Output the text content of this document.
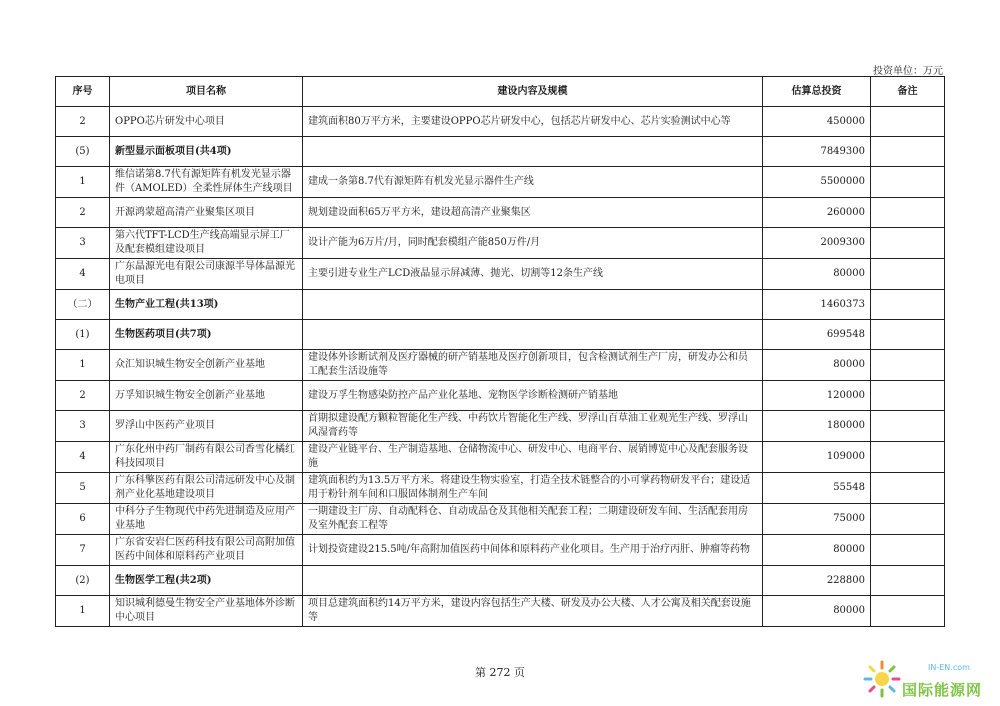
投资单位：万元
序号	项目名称	建设内容及规模	估算总投资	备注
2	OPPO芯片研发中心项目	建筑面积80万平方米，主要建设OPPO芯片研发中心，包括芯片研发中心、芯片实验测试中心等	450000	
(5)	新型显示面板项目(共4项)		7849300	
1	维信诺第8.7代有源矩阵有机发光显示器件（AMOLED）全柔性屏体生产线项目	建成一条第8.7代有源矩阵有机发光显示器件生产线	5500000	
2	开源鸿蒙超高清产业聚集区项目	规划建设面积65万平方米，建设超高清产业聚集区	260000	
3	第六代TFT-LCD生产线高端显示屏工厂及配套模组建设项目	设计产能为6万片/月，同时配套模组产能850万件/月	2009300	
4	广东晶源光电有限公司康源半导体晶源光电项目	主要引进专业生产LCD液晶显示屏减薄、抛光、切割等12条生产线	80000	
（二）	生物产业工程(共13项)		1460373	
(1)	生物医药项目(共7项)		699548	
1	众汇知识城生物安全创新产业基地	建设体外诊断试剂及医疗器械的研产销基地及医疗创新项目，包含检测试剂生产厂房，研发办公和员工配套生活设施等	80000	
2	万孚知识城生物安全创新产业基地	建设万孚生物感染防控产品产业化基地、宠物医学诊断检测研产销基地	120000	
3	罗浮山中医药产业项目	首期拟建设配方颗粒智能化生产线、中药饮片智能化生产线、罗浮山百草油工业观光生产线、罗浮山风湿膏药等	180000	
4	广东化州中药厂制药有限公司香雪化橘红科技园项目	建设产业链平台、生产制造基地、仓储物流中心、研发中心、电商平台、展销博览中心及配套服务设施	109000	
5	广东科擎医药有限公司清远研发中心及制剂产业化基地建设项目	建筑面积约为13.5万平方米。将建设生物实验室，打造全技术链整合的小可掌药物研发平台；建设适用于粉针剂车间和口服固体制剂生产车间	55548	
6	中科分子生物现代中药先进制造及应用产业基地	一期建设主厂房、自动配料仓、自动成品仓及其他相关配套工程；二期建设研发车间、生活配套用房及室外配套工程等	75000	
7	广东省安岩仁医药科技有限公司高附加值医药中间体和原料药产业项目	计划投资建设215.5吨/年高附加值医药中间体和原料药产业化项目。生产用于治疗丙肝、肿瘤等药物	80000	
(2)	生物医学工程(共2项)		228800	
1	知识城利德曼生物安全产业基地体外诊断中心项目	项目总建筑面积约14万平方米，建设内容包括生产大楼、研发及办公大楼、人才公寓及相关配套设施等	80000	
第 272 页	IN-EN.com
国际能源网
